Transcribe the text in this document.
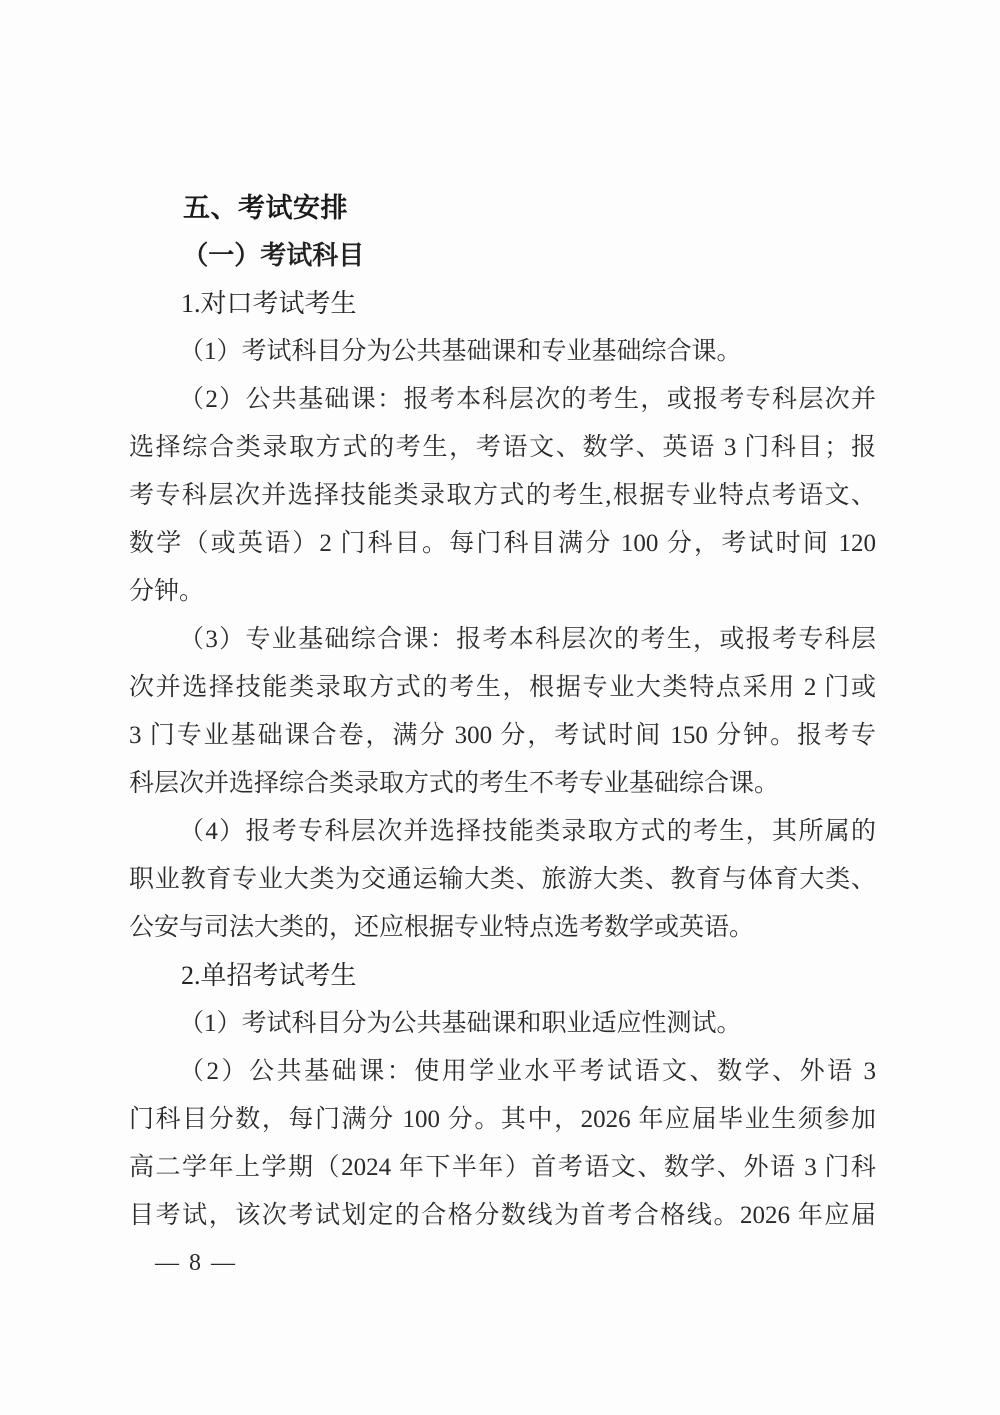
五、考试安排
（一）考试科目

1.对口考试考生

（1）考试科目分为公共基础课和专业基础综合课。

（2）公共基础课：报考本科层次的考生，或报考专科层次并
选择综合类录取方式的考生，考语文、数学、英语 3 门科目；报
考专科层次并选择技能类录取方式的考生,根据专业特点考语文、
数学（或英语）2 门科目。每门科目满分 100 分，考试时间 120
分钟。

（3）专业基础综合课：报考本科层次的考生，或报考专科层
次并选择技能类录取方式的考生，根据专业大类特点采用 2 门或
3 门专业基础课合卷，满分 300 分，考试时间 150 分钟。报考专
科层次并选择综合类录取方式的考生不考专业基础综合课。

（4）报考专科层次并选择技能类录取方式的考生，其所属的
职业教育专业大类为交通运输大类、旅游大类、教育与体育大类、
公安与司法大类的，还应根据专业特点选考数学或英语。

2.单招考试考生

（1）考试科目分为公共基础课和职业适应性测试。

（2）公共基础课：使用学业水平考试语文、数学、外语 3
门科目分数，每门满分 100 分。其中，2026 年应届毕业生须参加
高二学年上学期（2024 年下半年）首考语文、数学、外语 3 门科
目考试，该次考试划定的合格分数线为首考合格线。2026 年应届

— 8 —
